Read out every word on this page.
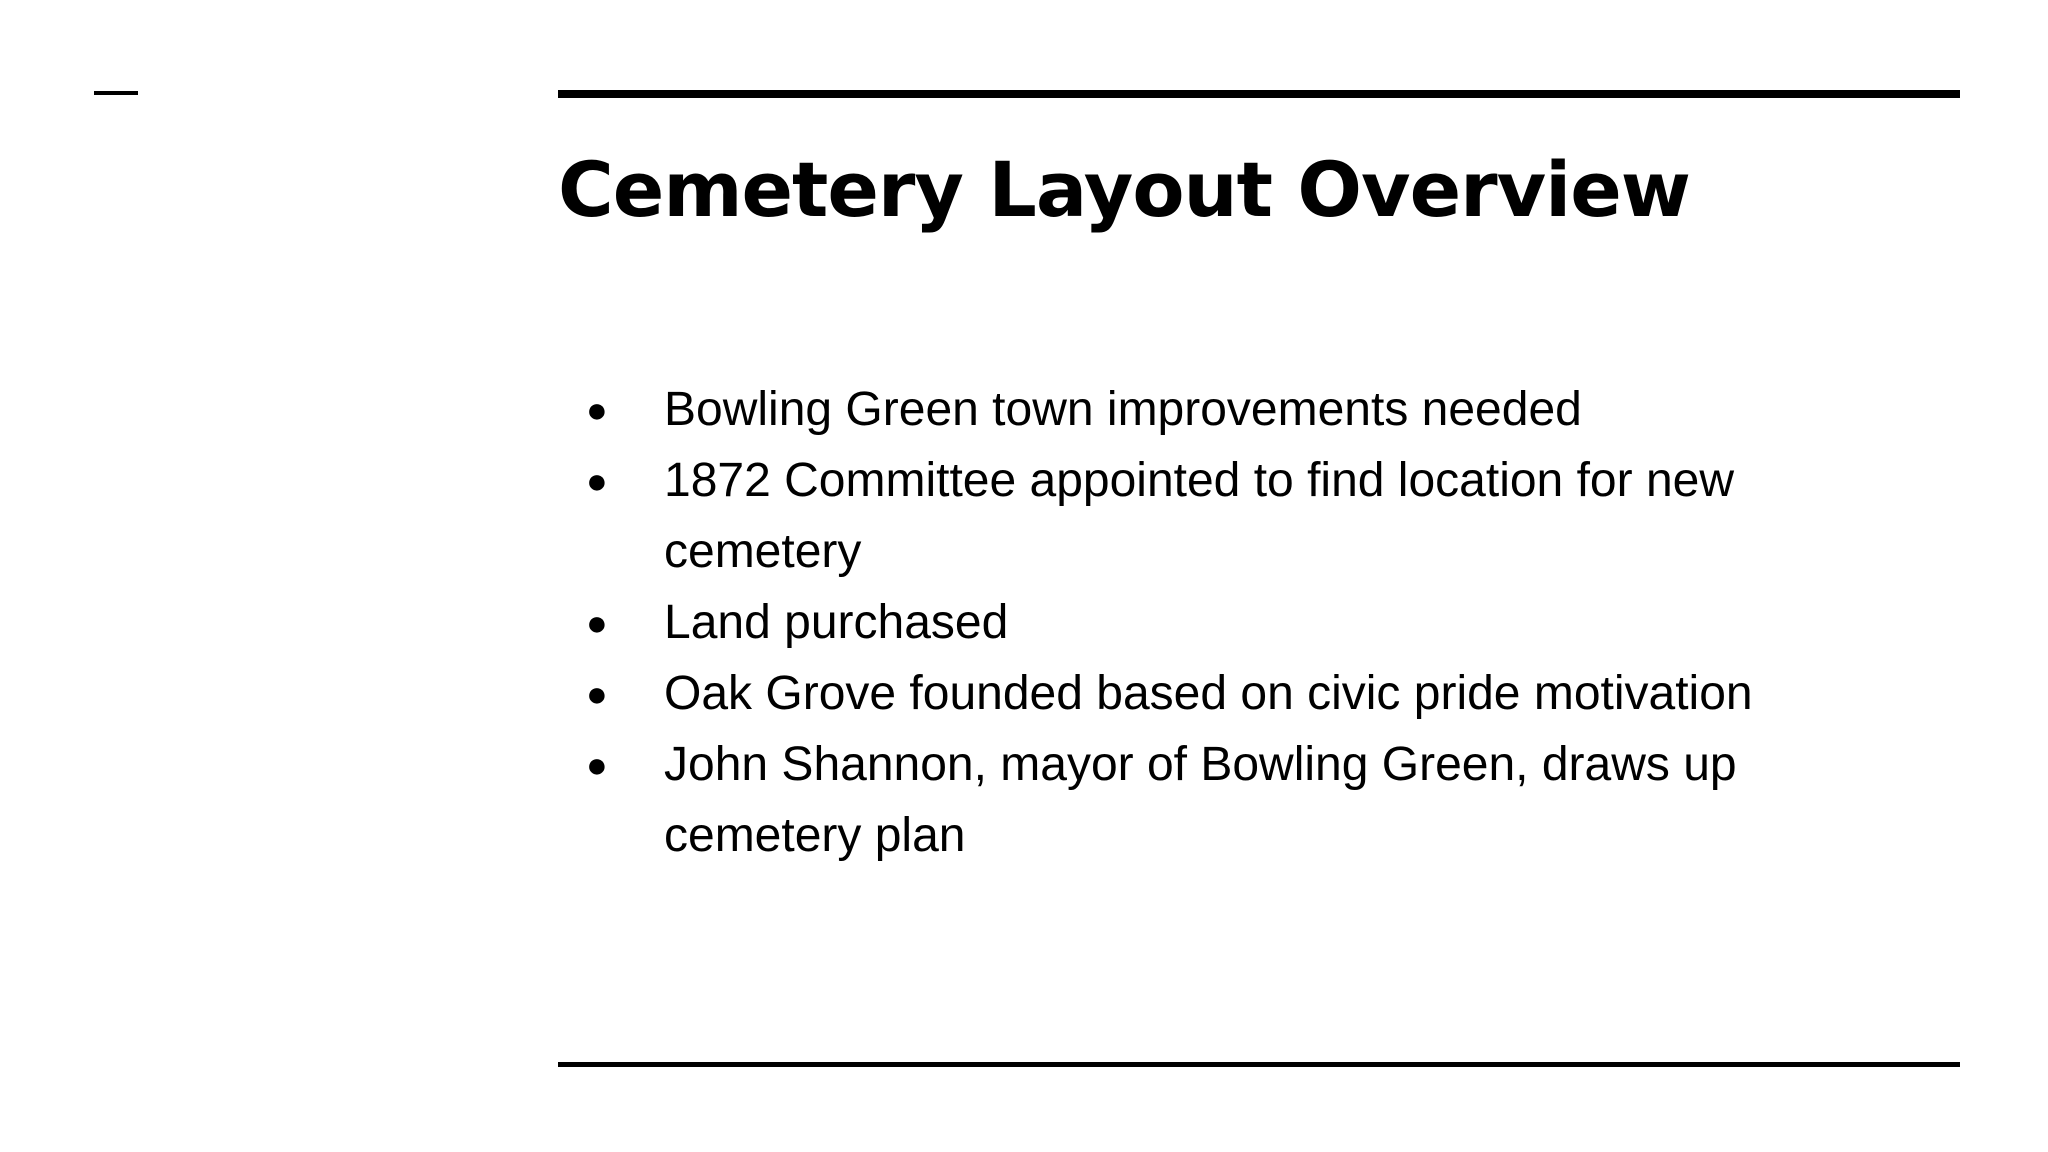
Cemetery Layout Overview
● Bowling Green town improvements needed
● 1872 Committee appointed to find location for new cemetery
● Land purchased
● Oak Grove founded based on civic pride motivation
● John Shannon, mayor of Bowling Green, draws up cemetery plan
